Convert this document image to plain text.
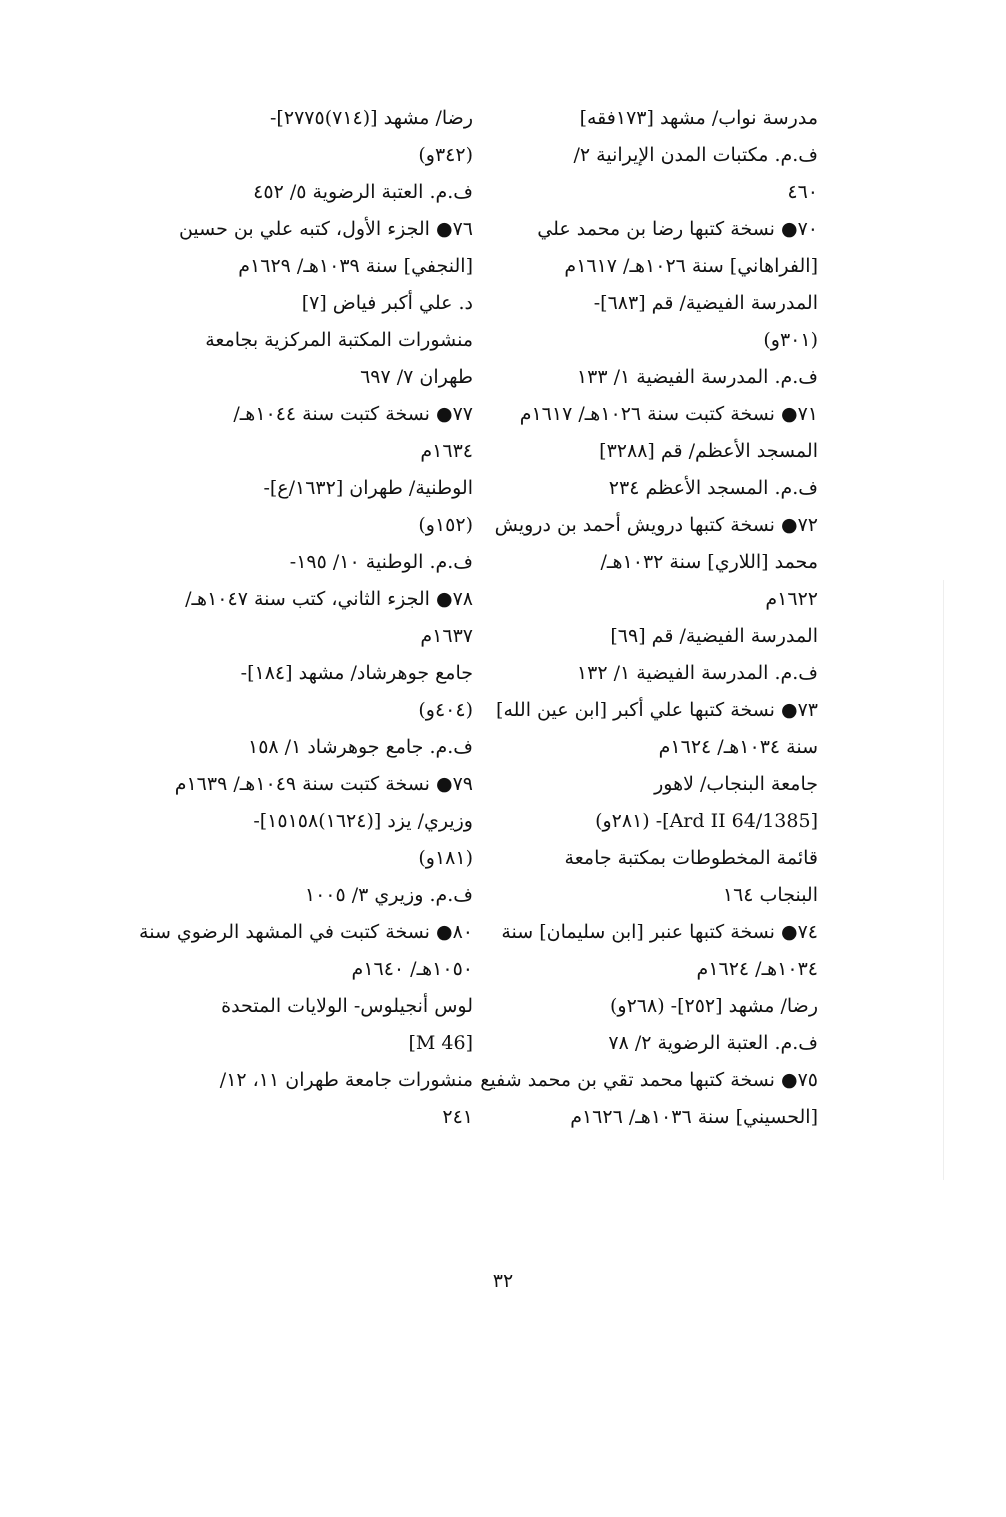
مدرسة نواب/ مشهد [١٧٣فقه]
ف.م. مكتبات المدن الإيرانية ٢/
٤٦٠
٧٠● نسخة كتبها رضا بن محمد علي
[الفراهاني] سنة ١٠٢٦هـ/ ١٦١٧م
المدرسة الفيضية/ قم [٦٨٣]-
(٣٠١و)
ف.م. المدرسة الفيضية ١/ ١٣٣
٧١● نسخة كتبت سنة ١٠٢٦هـ/ ١٦١٧م
المسجد الأعظم/ قم [٣٢٨٨]
ف.م. المسجد الأعظم ٢٣٤
٧٢● نسخة كتبها درويش أحمد بن درويش
محمد [اللاري] سنة ١٠٣٢هـ/
١٦٢٢م
المدرسة الفيضية/ قم [٦٩]
ف.م. المدرسة الفيضية ١/ ١٣٢
٧٣● نسخة كتبها علي أكبر [ابن عين الله]
سنة ١٠٣٤هـ/ ١٦٢٤م
جامعة البنجاب/ لاهور
[Ard II 64/1385]- (٢٨١و)
قائمة المخطوطات بمكتبة جامعة
البنجاب ١٦٤
٧٤● نسخة كتبها عنبر [ابن سليمان] سنة
١٠٣٤هـ/ ١٦٢٤م
رضا/ مشهد [٢٥٢]- (٢٦٨و)
ف.م. العتبة الرضوية ٢/ ٧٨
٧٥● نسخة كتبها محمد تقي بن محمد شفيع
[الحسيني] سنة ١٠٣٦هـ/ ١٦٢٦م
رضا/ مشهد [(٧١٤)٢٧٧٥]-
(٣٤٢و)
ف.م. العتبة الرضوية ٥/ ٤٥٢
٧٦● الجزء الأول، كتبه علي بن حسين
[النجفي] سنة ١٠٣٩هـ/ ١٦٢٩م
د. علي أكبر فياض [٧]
منشورات المكتبة المركزية بجامعة
طهران ٧/ ٦٩٧
٧٧● نسخة كتبت سنة ١٠٤٤هـ/
١٦٣٤م
الوطنية/ طهران [١٦٣٢/ع]-
(١٥٢و)
ف.م. الوطنية ١٠/ ١٩٥-
٧٨● الجزء الثاني، كتب سنة ١٠٤٧هـ/
١٦٣٧م
جامع جوهرشاد/ مشهد [١٨٤]-
(٤٠٤و)
ف.م. جامع جوهرشاد ١/ ١٥٨
٧٩● نسخة كتبت سنة ١٠٤٩هـ/ ١٦٣٩م
وزيري/ يزد [(١٦٢٤)١٥١٥٨]-
(١٨١و)
ف.م. وزيري ٣/ ١٠٠٥
٨٠● نسخة كتبت في المشهد الرضوي سنة
١٠٥٠هـ/ ١٦٤٠م
لوس أنجيلوس- الولايات المتحدة
[M 46]
منشورات جامعة طهران ١١، ١٢/
٢٤١
٣٢
